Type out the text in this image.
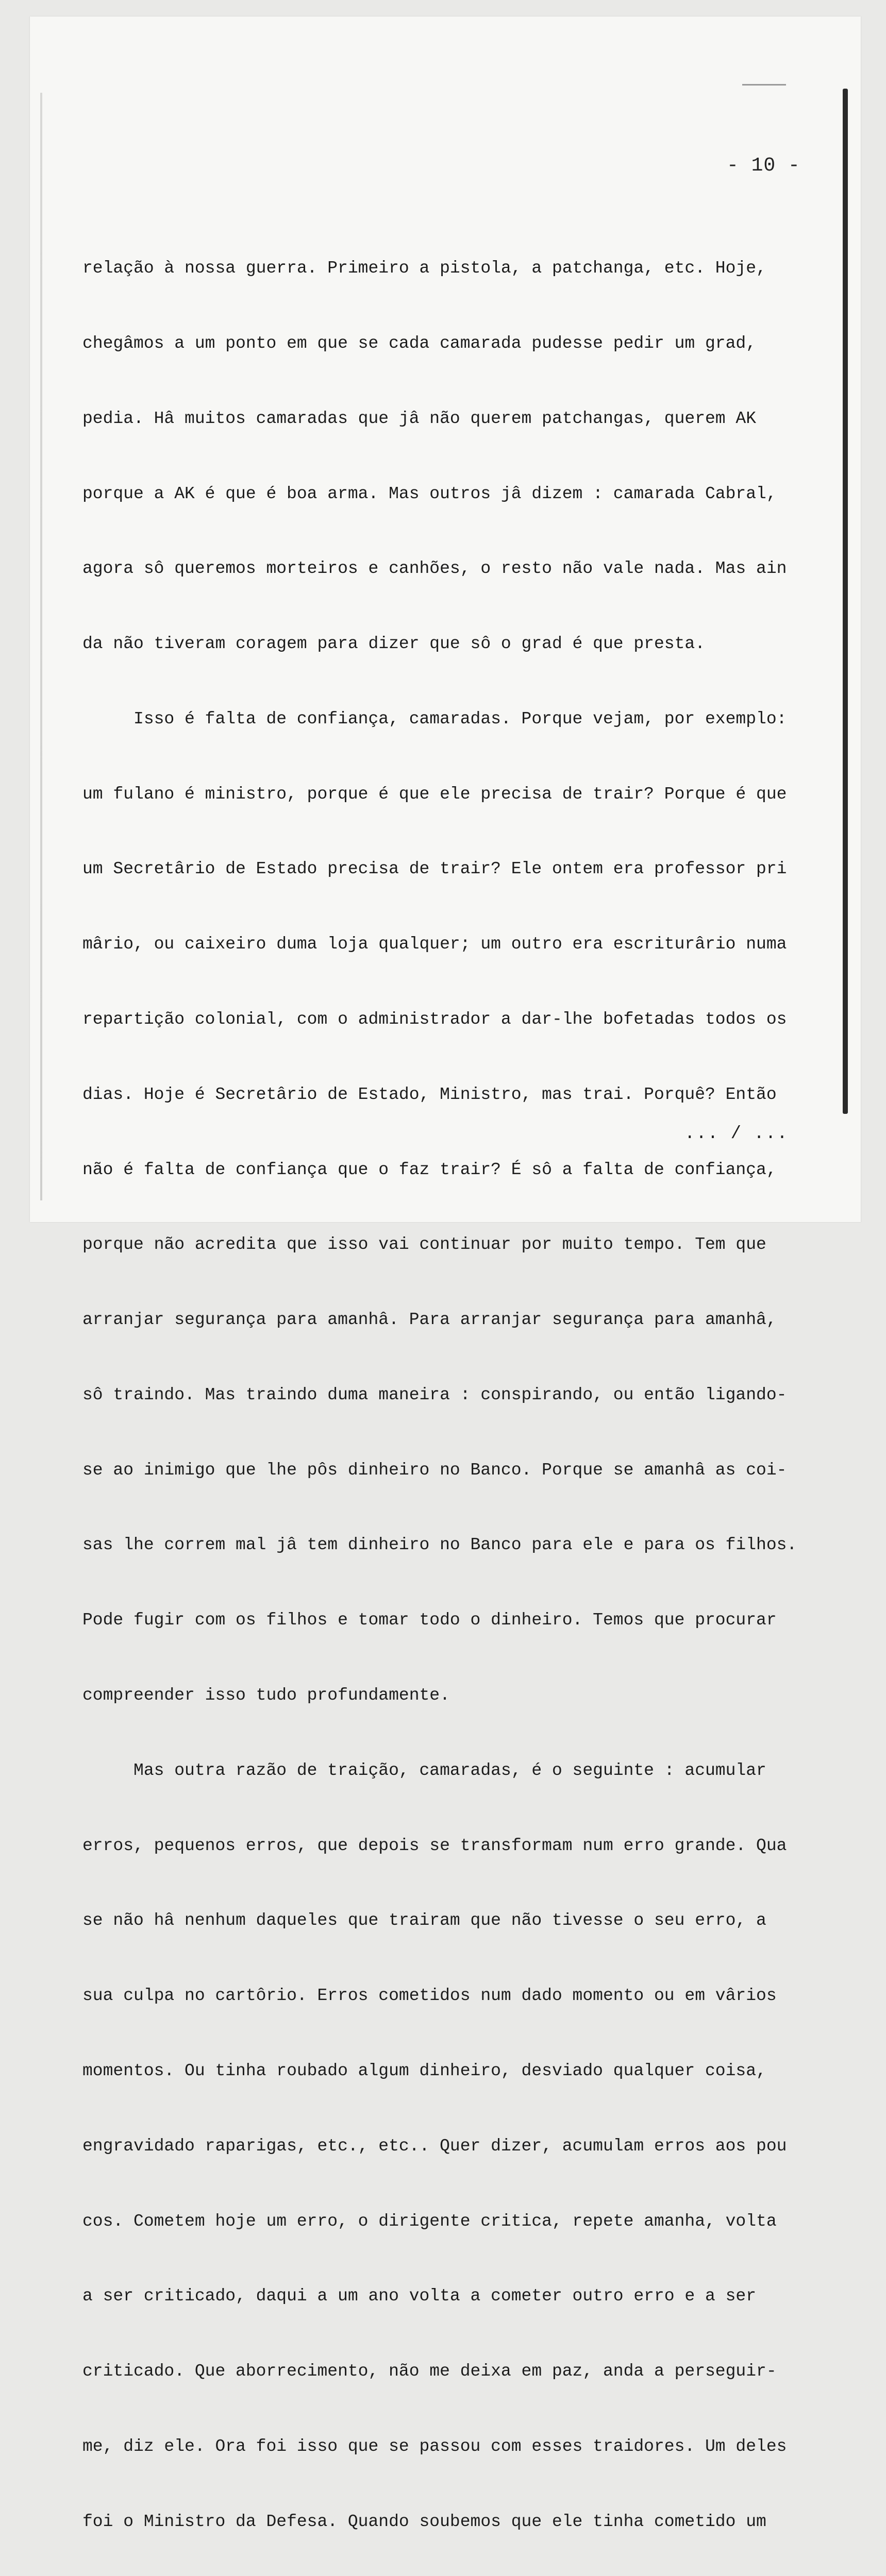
- 10 -

relação à nossa guerra. Primeiro a pistola, a patchanga, etc. Hoje,

chegâmos a um ponto em que se cada camarada pudesse pedir um grad,

pedia. Hâ muitos camaradas que jâ não querem patchangas, querem AK

porque a AK é que é boa arma. Mas outros jâ dizem : camarada Cabral,

agora sô queremos morteiros e canhões, o resto não vale nada. Mas ain

da não tiveram coragem para dizer que sô o grad é que presta.

Isso é falta de confiança, camaradas. Porque vejam, por exemplo:

um fulano é ministro, porque é que ele precisa de trair? Porque é que

um Secretârio de Estado precisa de trair? Ele ontem era professor pri

mârio, ou caixeiro duma loja qualquer; um outro era escriturârio numa

repartição colonial, com o administrador a dar-lhe bofetadas todos os

dias. Hoje é Secretârio de Estado, Ministro, mas trai. Porquê? Então

não é falta de confiança que o faz trair? É sô a falta de confiança,

porque não acredita que isso vai continuar por muito tempo. Tem que

arranjar segurança para amanhâ. Para arranjar segurança para amanhâ,

sô traindo. Mas traindo duma maneira : conspirando, ou então ligando-

se ao inimigo que lhe pôs dinheiro no Banco. Porque se amanhâ as coi-

sas lhe correm mal jâ tem dinheiro no Banco para ele e para os filhos.

Pode fugir com os filhos e tomar todo o dinheiro. Temos que procurar

compreender isso tudo profundamente.

Mas outra razão de traição, camaradas, é o seguinte : acumular

erros, pequenos erros, que depois se transformam num erro grande. Qua

se não hâ nenhum daqueles que trairam que não tivesse o seu erro, a

sua culpa no cartôrio. Erros cometidos num dado momento ou em vârios

momentos. Ou tinha roubado algum dinheiro, desviado qualquer coisa,

engravidado raparigas, etc., etc.. Quer dizer, acumulam erros aos pou

cos. Cometem hoje um erro, o dirigente critica, repete amanha, volta

a ser criticado, daqui a um ano volta a cometer outro erro e a ser

criticado. Que aborrecimento, não me deixa em paz, anda a perseguir-

me, diz ele. Ora foi isso que se passou com esses traidores. Um deles

foi o Ministro da Defesa. Quando soubemos que ele tinha cometido um

... / ...
